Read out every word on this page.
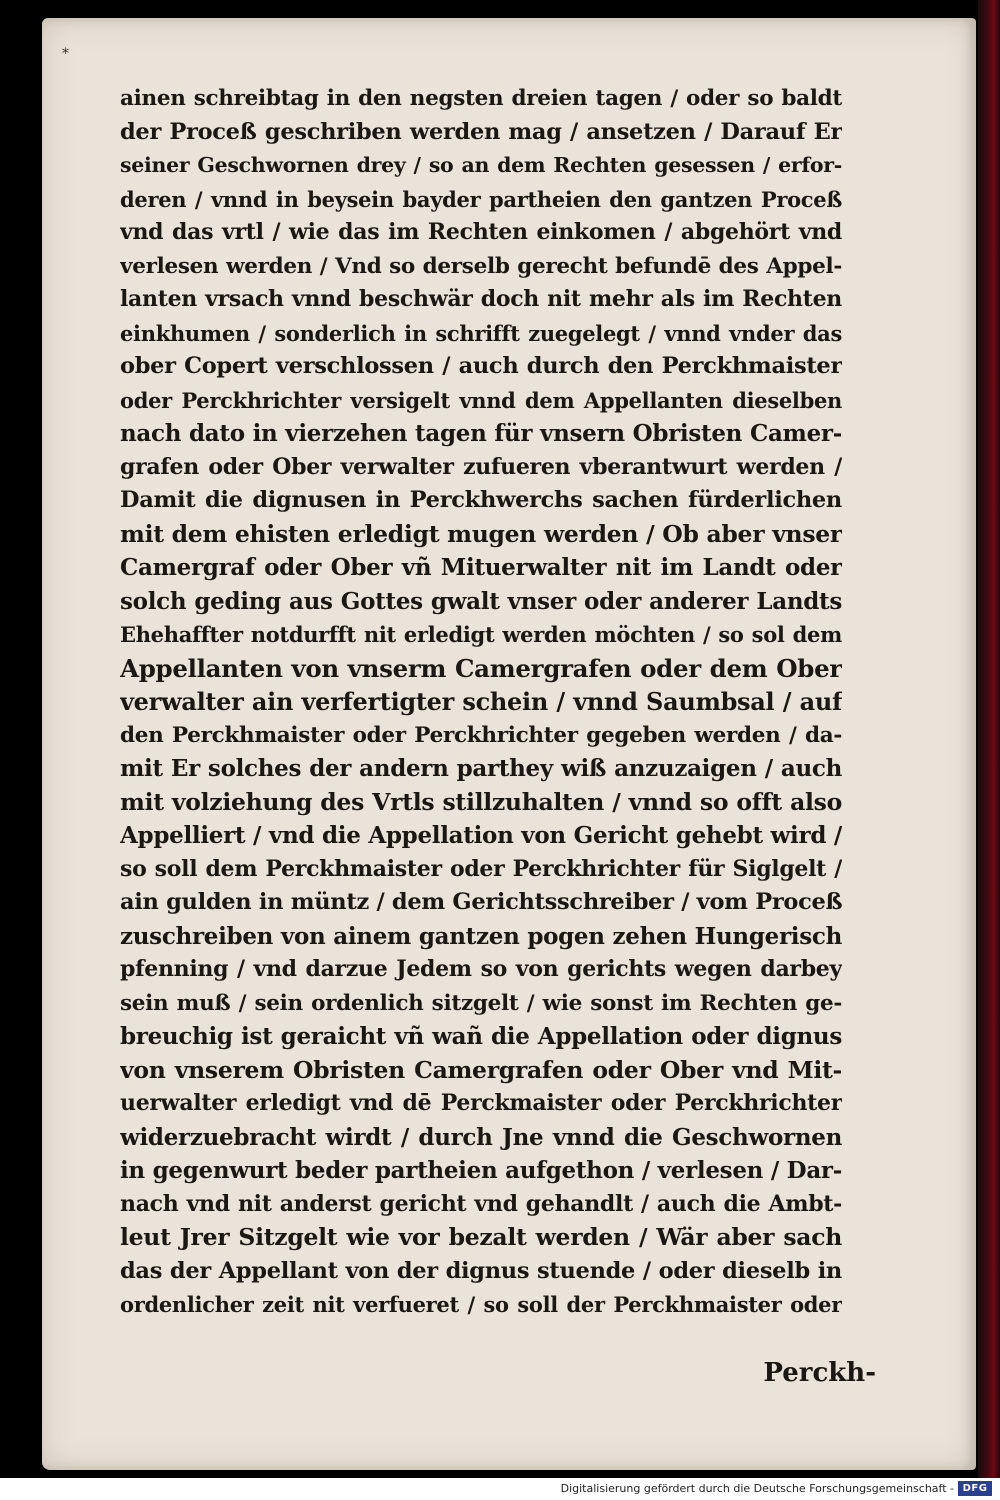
*
ainen schreibtag in den negsten dreien tagen / oder so baldt
der Proceß geschriben werden mag / ansetzen / Darauf Er
seiner Geschwornen drey / so an dem Rechten gesessen / erfor-
deren / vnnd in beysein bayder partheien den gantzen Proceß
vnd das vrtl / wie das im Rechten einkomen / abgehört vnd
verlesen werden / Vnd so derselb gerecht befundē des Appel-
lanten vrsach vnnd beschwär doch nit mehr als im Rechten
einkhumen / sonderlich in schrifft zuegelegt / vnnd vnder das
ober Copert verschlossen / auch durch den Perckhmaister
oder Perckhrichter versigelt vnnd dem Appellanten dieselben
nach dato in vierzehen tagen für vnsern Obristen Camer-
grafen oder Ober verwalter zufueren vberantwurt werden /
Damit die dignusen in Perckhwerchs sachen fürderlichen
mit dem ehisten erledigt mugen werden / Ob aber vnser
Camergraf oder Ober vñ Mituerwalter nit im Landt oder
solch geding aus Gottes gwalt vnser oder anderer Landts
Ehehaffter notdurfft nit erledigt werden möchten / so sol dem
Appellanten von vnserm Camergrafen oder dem Ober
verwalter ain verfertigter schein / vnnd Saumbsal / auf
den Perckhmaister oder Perckhrichter gegeben werden / da-
mit Er solches der andern parthey wiß anzuzaigen / auch
mit volziehung des Vrtls stillzuhalten / vnnd so offt also
Appelliert / vnd die Appellation von Gericht gehebt wird /
so soll dem Perckhmaister oder Perckhrichter für Siglgelt /
ain gulden in müntz / dem Gerichtsschreiber / vom Proceß
zuschreiben von ainem gantzen pogen zehen Hungerisch
pfenning / vnd darzue Jedem so von gerichts wegen darbey
sein muß / sein ordenlich sitzgelt / wie sonst im Rechten ge-
breuchig ist geraicht vñ wañ die Appellation oder dignus
von vnserem Obristen Camergrafen oder Ober vnd Mit-
uerwalter erledigt vnd dē Perckmaister oder Perckhrichter
widerzuebracht wirdt / durch Jne vnnd die Geschwornen
in gegenwurt beder partheien aufgethon / verlesen / Dar-
nach vnd nit anderst gericht vnd gehandlt / auch die Ambt-
leut Jrer Sitzgelt wie vor bezalt werden / Wär aber sach
das der Appellant von der dignus stuende / oder dieselb in
ordenlicher zeit nit verfueret / so soll der Perckhmaister oder
Perckh-
Digitalisierung gefördert durch die Deutsche Forschungsgemeinschaft - DFG
